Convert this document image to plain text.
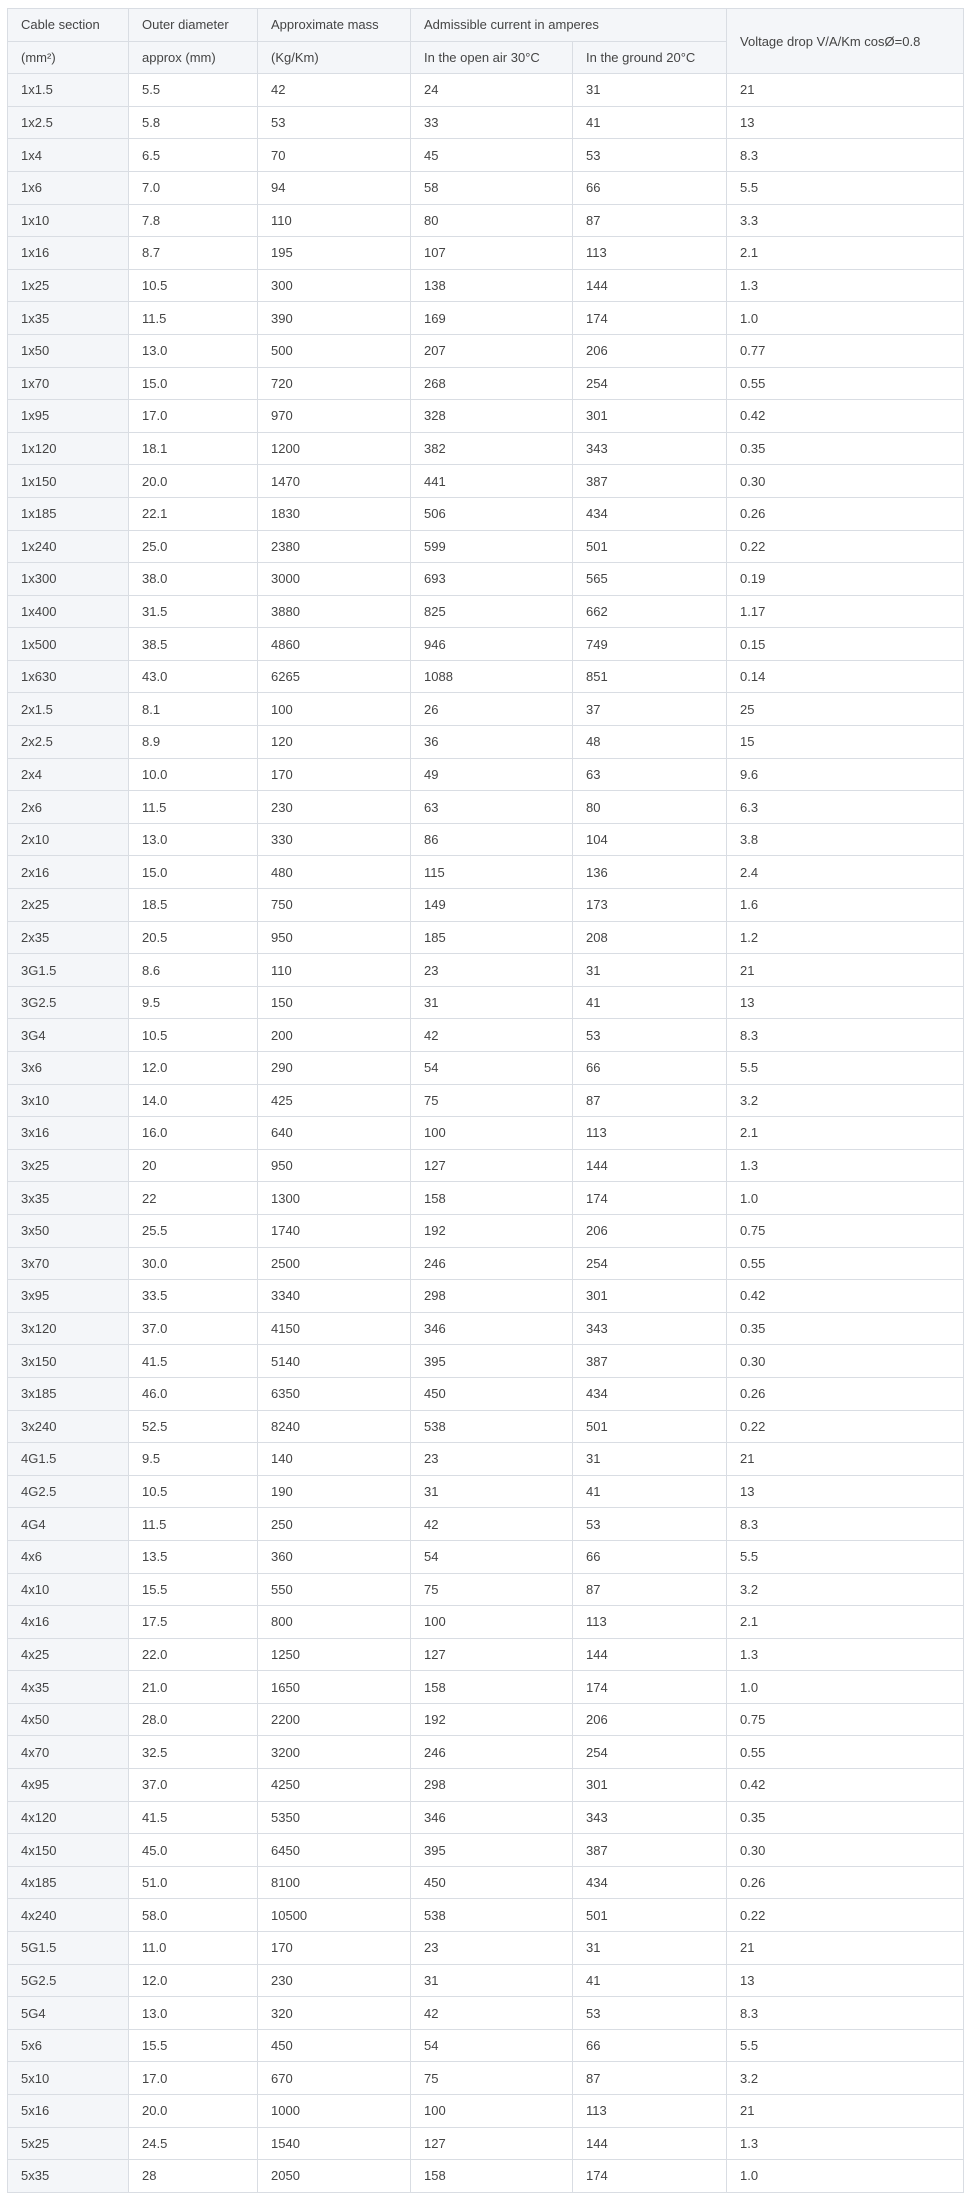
Cable section	Outer diameter	Approximate mass	Admissible current in amperes		Voltage drop V/A/Km cosØ=0.8
(mm²)	approx (mm)	(Kg/Km)	In the open air 30°C	In the ground 20°C	
1x1.5	5.5	42	24	31	21
1x2.5	5.8	53	33	41	13
1x4	6.5	70	45	53	8.3
1x6	7.0	94	58	66	5.5
1x10	7.8	110	80	87	3.3
1x16	8.7	195	107	113	2.1
1x25	10.5	300	138	144	1.3
1x35	11.5	390	169	174	1.0
1x50	13.0	500	207	206	0.77
1x70	15.0	720	268	254	0.55
1x95	17.0	970	328	301	0.42
1x120	18.1	1200	382	343	0.35
1x150	20.0	1470	441	387	0.30
1x185	22.1	1830	506	434	0.26
1x240	25.0	2380	599	501	0.22
1x300	38.0	3000	693	565	0.19
1x400	31.5	3880	825	662	1.17
1x500	38.5	4860	946	749	0.15
1x630	43.0	6265	1088	851	0.14
2x1.5	8.1	100	26	37	25
2x2.5	8.9	120	36	48	15
2x4	10.0	170	49	63	9.6
2x6	11.5	230	63	80	6.3
2x10	13.0	330	86	104	3.8
2x16	15.0	480	115	136	2.4
2x25	18.5	750	149	173	1.6
2x35	20.5	950	185	208	1.2
3G1.5	8.6	110	23	31	21
3G2.5	9.5	150	31	41	13
3G4	10.5	200	42	53	8.3
3x6	12.0	290	54	66	5.5
3x10	14.0	425	75	87	3.2
3x16	16.0	640	100	113	2.1
3x25	20	950	127	144	1.3
3x35	22	1300	158	174	1.0
3x50	25.5	1740	192	206	0.75
3x70	30.0	2500	246	254	0.55
3x95	33.5	3340	298	301	0.42
3x120	37.0	4150	346	343	0.35
3x150	41.5	5140	395	387	0.30
3x185	46.0	6350	450	434	0.26
3x240	52.5	8240	538	501	0.22
4G1.5	9.5	140	23	31	21
4G2.5	10.5	190	31	41	13
4G4	11.5	250	42	53	8.3
4x6	13.5	360	54	66	5.5
4x10	15.5	550	75	87	3.2
4x16	17.5	800	100	113	2.1
4x25	22.0	1250	127	144	1.3
4x35	21.0	1650	158	174	1.0
4x50	28.0	2200	192	206	0.75
4x70	32.5	3200	246	254	0.55
4x95	37.0	4250	298	301	0.42
4x120	41.5	5350	346	343	0.35
4x150	45.0	6450	395	387	0.30
4x185	51.0	8100	450	434	0.26
4x240	58.0	10500	538	501	0.22
5G1.5	11.0	170	23	31	21
5G2.5	12.0	230	31	41	13
5G4	13.0	320	42	53	8.3
5x6	15.5	450	54	66	5.5
5x10	17.0	670	75	87	3.2
5x16	20.0	1000	100	113	21
5x25	24.5	1540	127	144	1.3
5x35	28	2050	158	174	1.0
